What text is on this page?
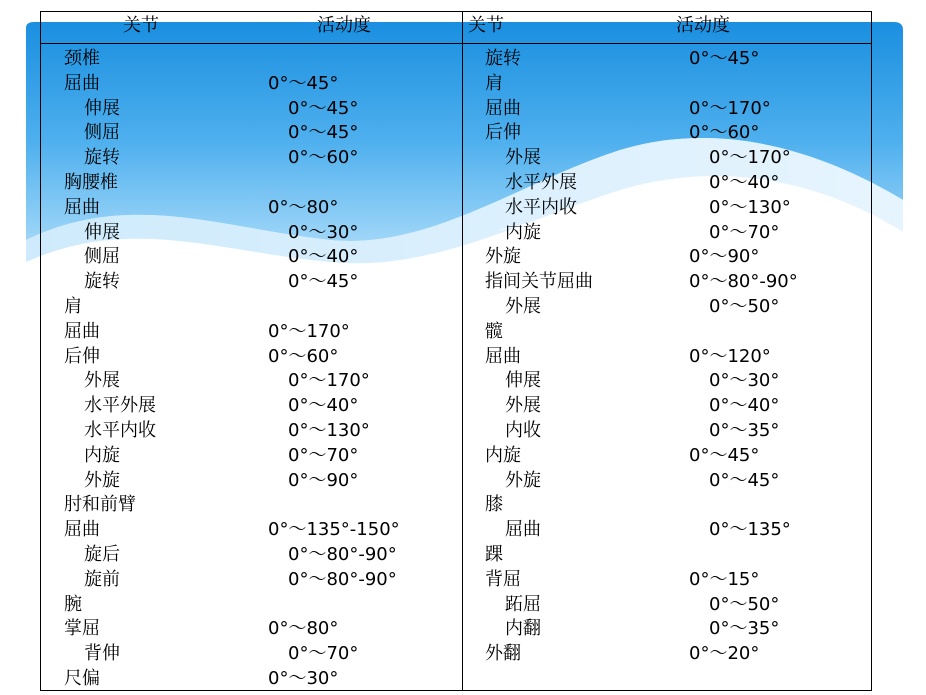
关节	活动度	关节	活动度
颈椎
屈曲	0°～45°
伸展	0°～45°
侧屈	0°～45°
旋转	0°～60°
胸腰椎
屈曲	0°～80°
伸展	0°～30°
侧屈	0°～40°
旋转	0°～45°
肩
屈曲	0°～170°
后伸	0°～60°
外展	0°～170°
水平外展	0°～40°
水平内收	0°～130°
内旋	0°～70°
外旋	0°～90°
肘和前臂
屈曲	0°～135°-150°
旋后	0°～80°-90°
旋前	0°～80°-90°
腕
掌屈	0°～80°
背伸	0°～70°
尺偏	0°～30°
旋转	0°～45°
肩
屈曲	0°～170°
后伸	0°～60°
外展	0°～170°
水平外展	0°～40°
水平内收	0°～130°
内旋	0°～70°
外旋	0°～90°
指间关节屈曲	0°～80°-90°
外展	0°～50°
髋
屈曲	0°～120°
伸展	0°～30°
外展	0°～40°
内收	0°～35°
内旋	0°～45°
外旋	0°～45°
膝
屈曲	0°～135°
踝
背屈	0°～15°
跖屈	0°～50°
内翻	0°～35°
外翻	0°～20°
